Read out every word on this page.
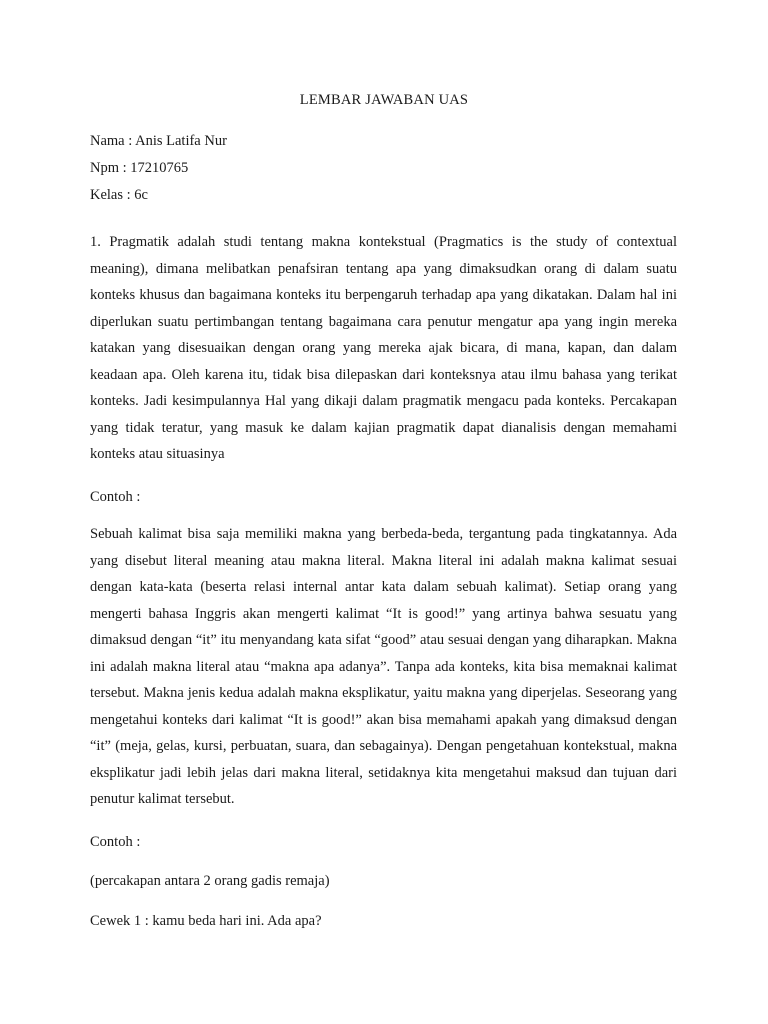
LEMBAR JAWABAN UAS
Nama : Anis Latifa Nur
Npm : 17210765
Kelas : 6c

1. Pragmatik adalah studi tentang makna kontekstual (Pragmatics is the study of contextual meaning), dimana melibatkan penafsiran tentang apa yang dimaksudkan orang di dalam suatu konteks khusus dan bagaimana konteks itu berpengaruh terhadap apa yang dikatakan. Dalam hal ini diperlukan suatu pertimbangan tentang bagaimana cara penutur mengatur apa yang ingin mereka katakan yang disesuaikan dengan orang yang mereka ajak bicara, di mana, kapan, dan dalam keadaan apa. Oleh karena itu, tidak bisa dilepaskan dari konteksnya atau ilmu bahasa yang terikat konteks. Jadi kesimpulannya Hal yang dikaji dalam pragmatik mengacu pada konteks. Percakapan yang tidak teratur, yang masuk ke dalam kajian pragmatik dapat dianalisis dengan memahami konteks atau situasinya

Contoh :

Sebuah kalimat bisa saja memiliki makna yang berbeda-beda, tergantung pada tingkatannya. Ada yang disebut literal meaning atau makna literal. Makna literal ini adalah makna kalimat sesuai dengan kata-kata (beserta relasi internal antar kata dalam sebuah kalimat). Setiap orang yang mengerti bahasa Inggris akan mengerti kalimat “It is good!” yang artinya bahwa sesuatu yang dimaksud dengan “it” itu menyandang kata sifat “good” atau sesuai dengan yang diharapkan. Makna ini adalah makna literal atau “makna apa adanya”. Tanpa ada konteks, kita bisa memaknai kalimat tersebut. Makna jenis kedua adalah makna eksplikatur, yaitu makna yang diperjelas. Seseorang yang mengetahui konteks dari kalimat “It is good!” akan bisa memahami apakah yang dimaksud dengan “it” (meja, gelas, kursi, perbuatan, suara, dan sebagainya). Dengan pengetahuan kontekstual, makna eksplikatur jadi lebih jelas dari makna literal, setidaknya kita mengetahui maksud dan tujuan dari penutur kalimat tersebut.

Contoh :

(percakapan antara 2 orang gadis remaja)

Cewek 1 : kamu beda hari ini. Ada apa?
